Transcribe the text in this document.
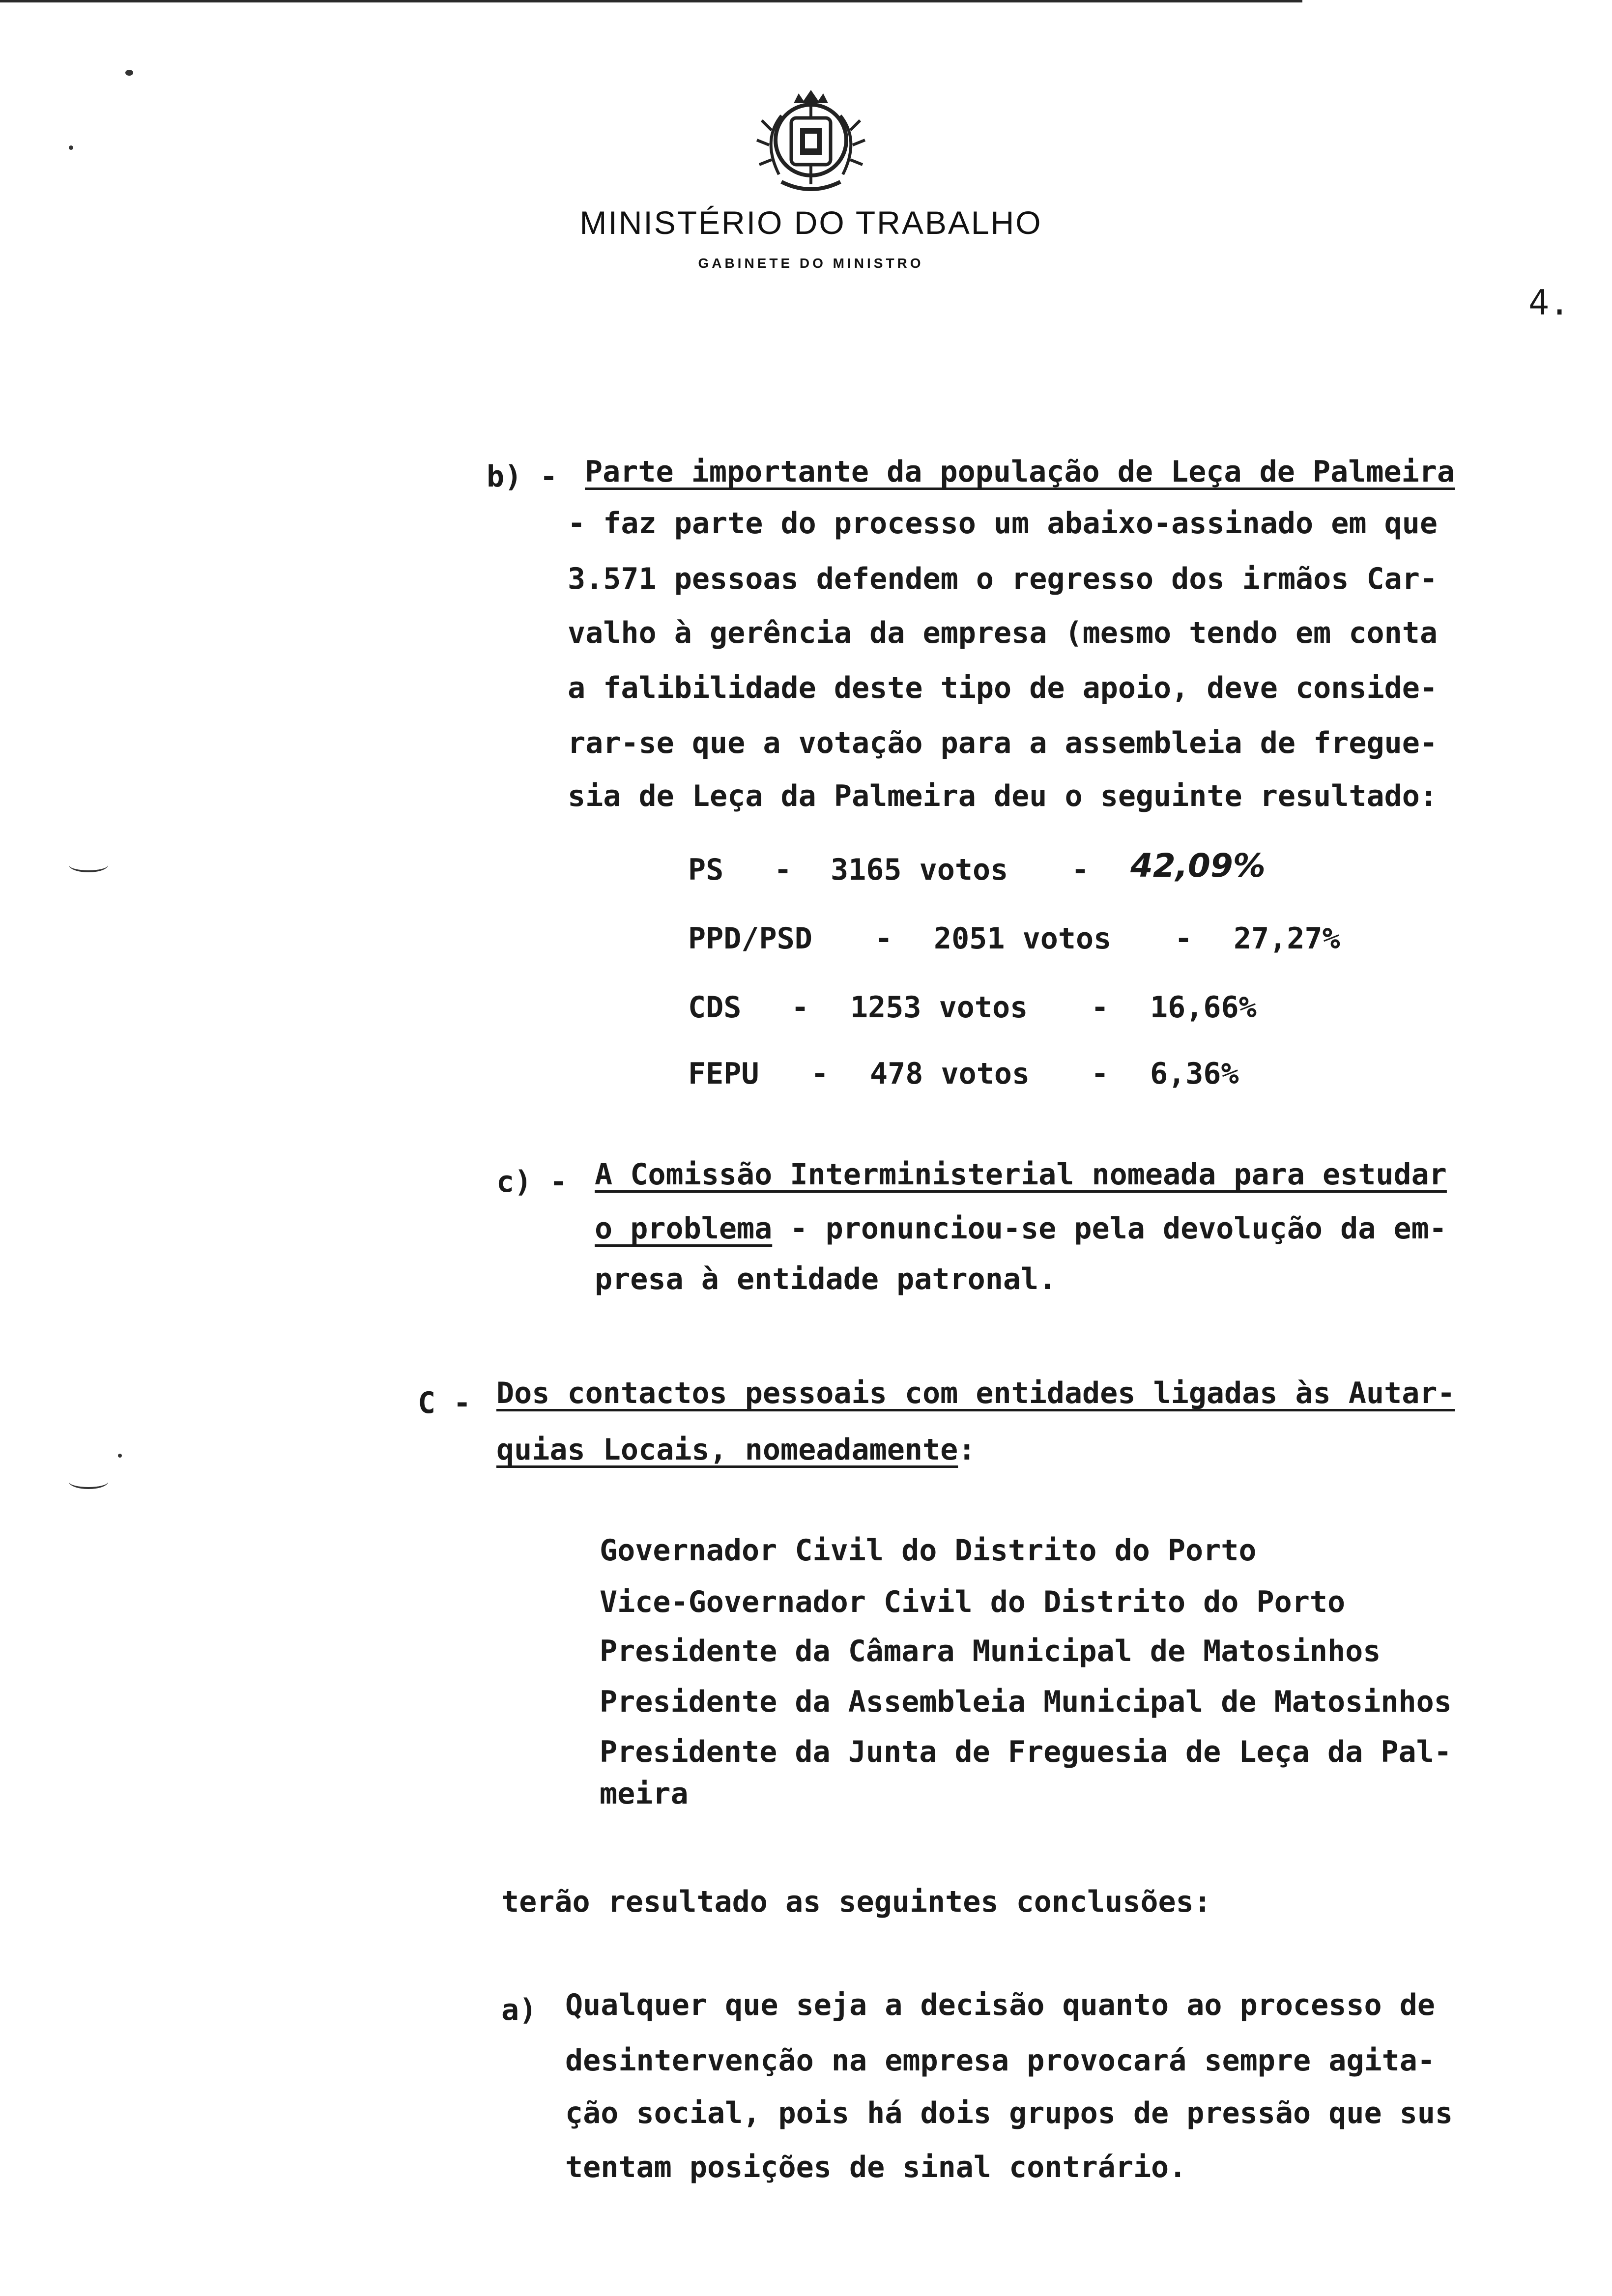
MINISTÉRIO DO TRABALHO
GABINETE DO MINISTRO
4.
b) - Parte importante da população de Leça de Palmeira
- faz parte do processo um abaixo-assinado em que
3.571 pessoas defendem o regresso dos irmãos Car-
valho à gerência da empresa (mesmo tendo em conta
a falibilidade deste tipo de apoio, deve conside-
rar-se que a votação para a assembleia de fregue-
sia de Leça da Palmeira deu o seguinte resultado:
PS - 3165 votos - 42,09%
PPD/PSD - 2051 votos - 27,27%
CDS - 1253 votos - 16,66%
FEPU - 478 votos - 6,36%
c) - A Comissão Interministerial nomeada para estudar
o problema - pronunciou-se pela devolução da em-
presa à entidade patronal.
C - Dos contactos pessoais com entidades ligadas às Autar-
quias Locais, nomeadamente:
Governador Civil do Distrito do Porto
Vice-Governador Civil do Distrito do Porto
Presidente da Câmara Municipal de Matosinhos
Presidente da Assembleia Municipal de Matosinhos
Presidente da Junta de Freguesia de Leça da Pal-
meira
terão resultado as seguintes conclusões:
a) Qualquer que seja a decisão quanto ao processo de
desintervenção na empresa provocará sempre agita-
ção social, pois há dois grupos de pressão que sus
tentam posições de sinal contrário.
